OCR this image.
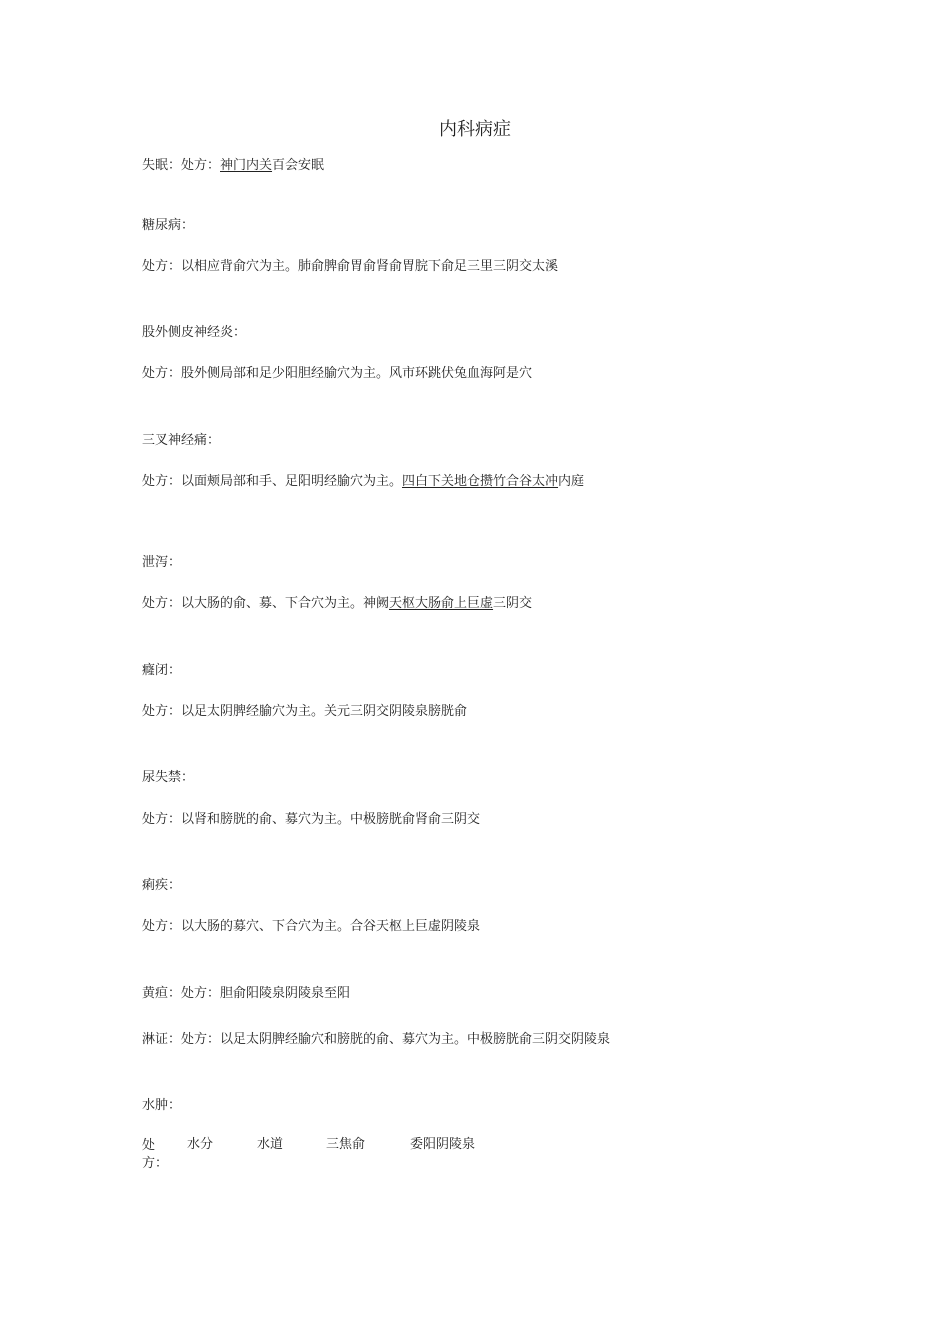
内科病症
失眠：处方：神门内关百会安眠
糖尿病：
处方：以相应背俞穴为主。肺俞脾俞胃俞肾俞胃脘下俞足三里三阴交太溪
股外侧皮神经炎：
处方：股外侧局部和足少阳胆经腧穴为主。风市环跳伏兔血海阿是穴
三叉神经痛：
处方：以面颊局部和手、足阳明经腧穴为主。四白下关地仓攒竹合谷太冲内庭
泄泻：
处方：以大肠的俞、募、下合穴为主。神阙天枢大肠俞上巨虚三阴交
癃闭：
处方：以足太阴脾经腧穴为主。关元三阴交阴陵泉膀胱俞
尿失禁：
处方：以肾和膀胱的俞、募穴为主。中极膀胱俞肾俞三阴交
痢疾：
处方：以大肠的募穴、下合穴为主。合谷天枢上巨虚阴陵泉
黄疸：处方：胆俞阳陵泉阴陵泉至阳
淋证：处方：以足太阴脾经腧穴和膀胱的俞、募穴为主。中极膀胱俞三阴交阴陵泉
水肿：
处方：
水分	水道	三焦俞	委阳阴陵泉
